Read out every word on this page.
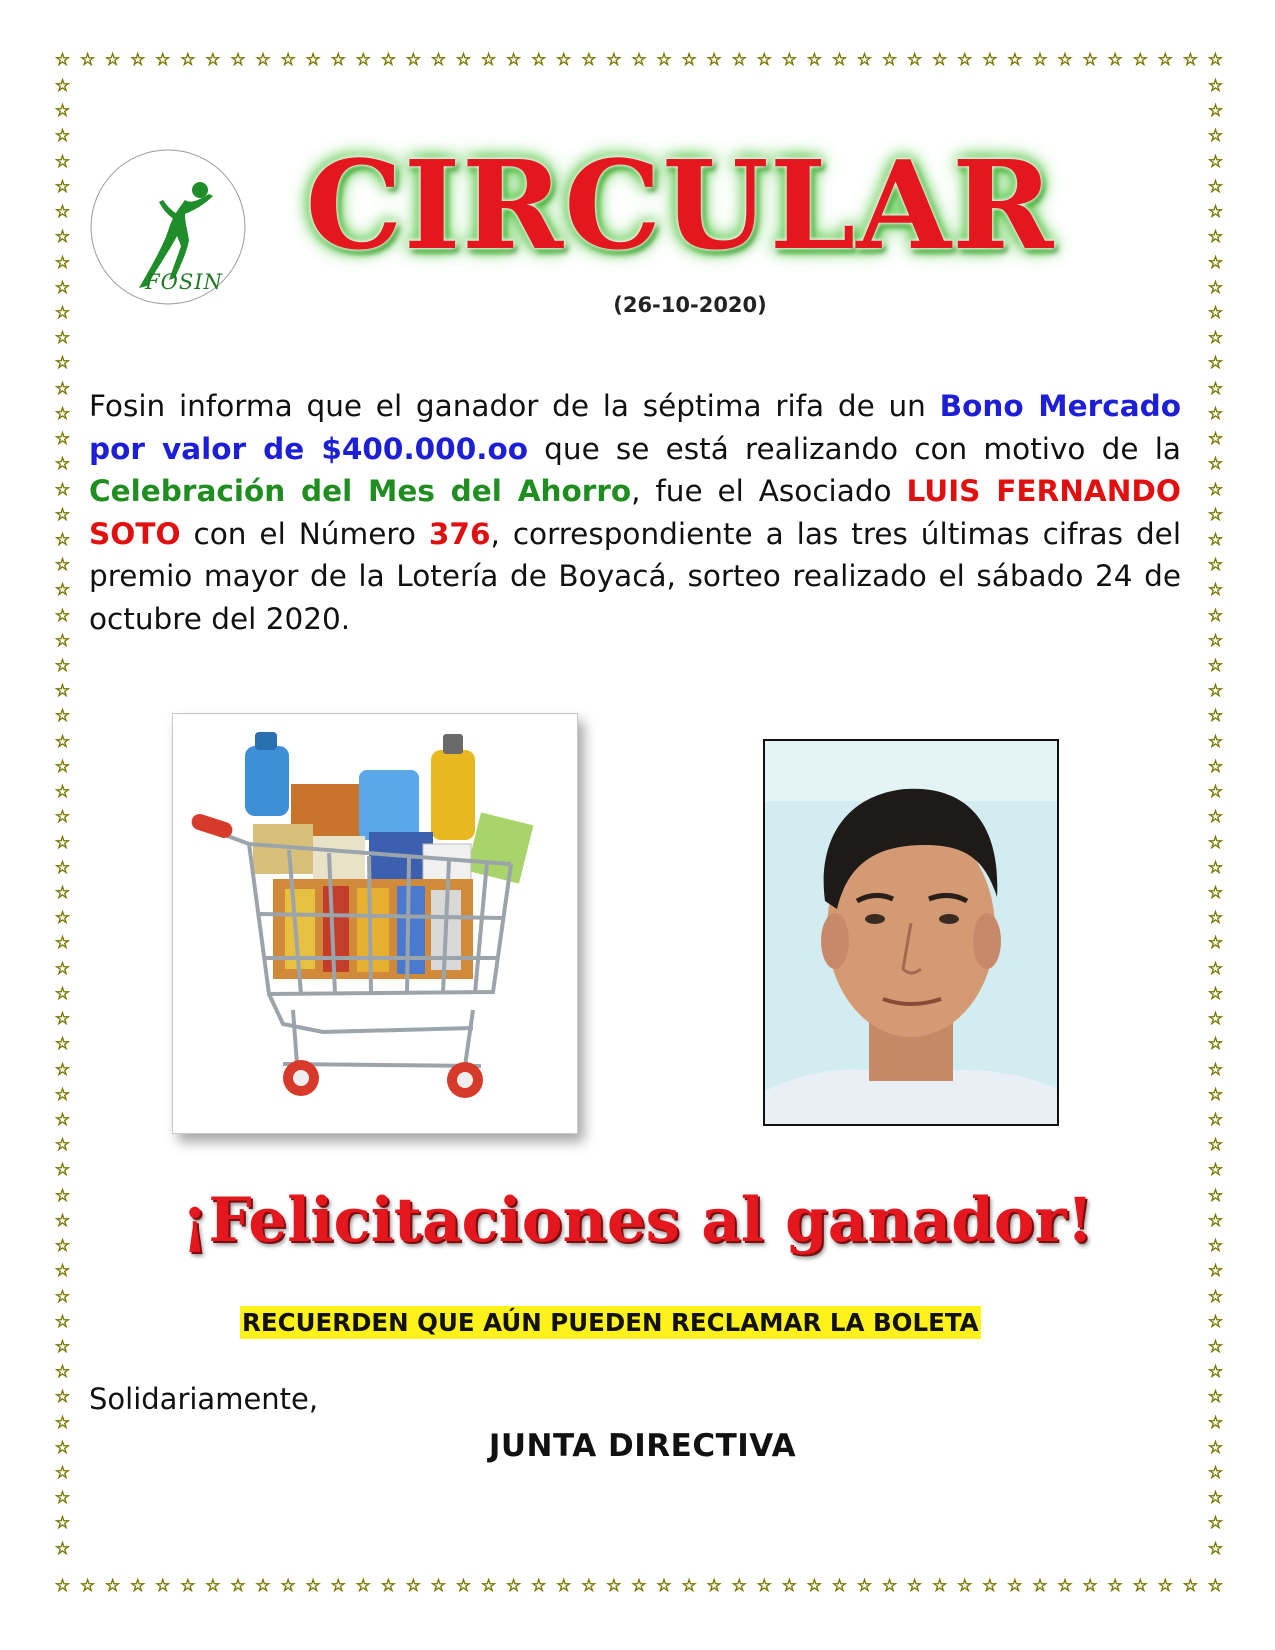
☆ ☆ ☆ ☆ ☆ ☆ ☆ ☆ ☆ ☆ ☆ ☆ ☆ ☆ ☆ ☆ ☆ ☆ ☆ ☆ ☆ ☆ ☆ ☆ ☆ ☆ ☆ ☆ ☆ ☆ ☆ ☆ ☆ ☆ ☆ ☆ ☆ ☆ ☆ ☆ ☆ ☆ ☆ ☆ ☆ ☆ ☆
☆ ☆ ☆ ☆ ☆ ☆ ☆ ☆ ☆ ☆ ☆ ☆ ☆ ☆ ☆ ☆ ☆ ☆ ☆ ☆ ☆ ☆ ☆ ☆ ☆ ☆ ☆ ☆ ☆ ☆ ☆ ☆ ☆ ☆ ☆ ☆ ☆ ☆ ☆ ☆ ☆ ☆ ☆ ☆ ☆ ☆ ☆
☆
☆
☆
☆
☆
☆
☆
☆
☆
☆
☆
☆
☆
☆
☆
☆
☆
☆
☆
☆
☆
☆
☆
☆
☆
☆
☆
☆
☆
☆
☆
☆
☆
☆
☆
☆
☆
☆
☆
☆
☆
☆
☆
☆
☆
☆
☆
☆
☆
☆
☆
☆
☆
☆
☆
☆
☆
☆
☆
☆
☆
☆
☆
☆
☆
☆
☆
☆
☆
☆
☆
☆
☆
☆
☆
☆
☆
☆
☆
☆
☆
☆
☆
☆
☆
☆
☆
☆
☆
☆
☆
☆
☆
☆
☆
☆
☆
☆
☆
☆
☆
☆
☆
☆
☆
☆
☆
☆
☆
☆
☆
☆
☆
☆
☆
☆
☆
☆
FOSIN
CIRCULAR
(26-10-2020)
Fosin informa que el ganador de la séptima rifa de un Bono Mercado por valor de $400.000.oo que se está realizando con motivo de la Celebración del Mes del Ahorro, fue el Asociado LUIS FERNANDO SOTO con el Número 376, correspondiente a las tres últimas cifras del premio mayor de la Lotería de Boyacá, sorteo realizado el sábado 24 de octubre del 2020.
¡Felicitaciones al ganador!
RECUERDEN QUE AÚN PUEDEN RECLAMAR LA BOLETA
Solidariamente,
JUNTA DIRECTIVA
